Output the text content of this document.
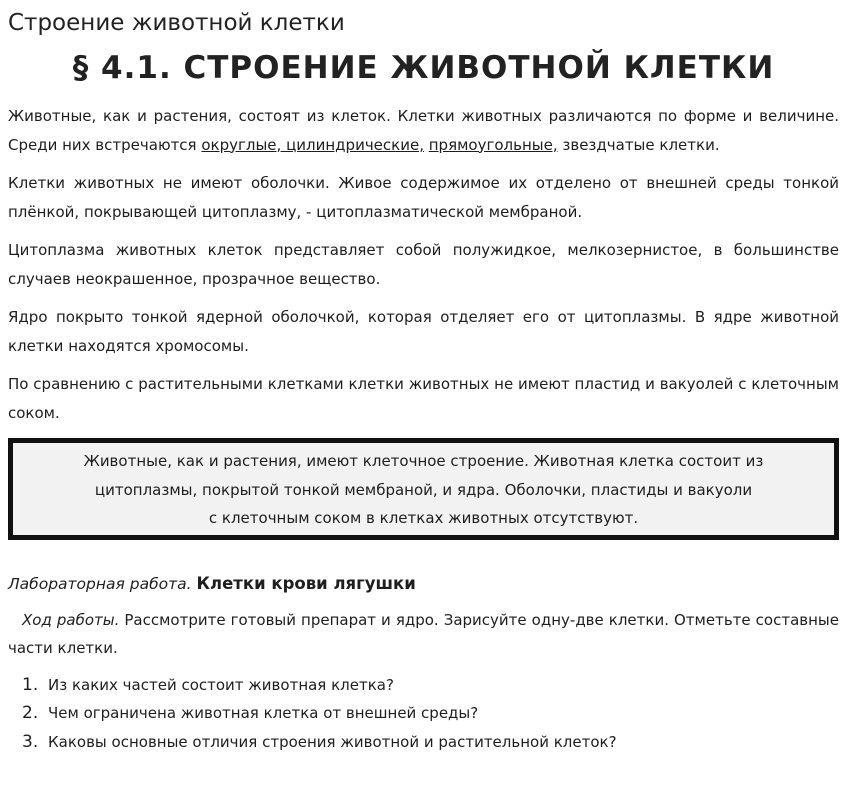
Строение животной клетки
§ 4.1. СТРОЕНИЕ ЖИВОТНОЙ КЛЕТКИ

Животные, как и растения, состоят из клеток. Клетки животных различаются по форме и величине. Среди них встречаются округлые, цилиндрические, прямоугольные, звездчатые клетки.

Клетки животных не имеют оболочки. Живое содержимое их отделено от внешней среды тонкой плёнкой, покрывающей цитоплазму, - цитоплазматической мембраной.

Цитоплазма животных клеток представляет собой полужидкое, мелкозернистое, в большинстве случаев неокрашенное, прозрачное вещество.

Ядро покрыто тонкой ядерной оболочкой, которая отделяет его от цитоплазмы. В ядре животной клетки находятся хромосомы.

По сравнению с растительными клетками клетки животных не имеют пластид и вакуолей с клеточным соком.

Животные, как и растения, имеют клеточное строение. Животная клетка состоит из
цитоплазмы, покрытой тонкой мембраной, и ядра. Оболочки, пластиды и вакуоли
с клеточным соком в клетках животных отсутствуют.
Лабораторная работа. Клетки крови лягушки
Ход работы. Рассмотрите готовый препарат и ядро. Зарисуйте одну-две клетки. Отметьте составные части клетки.
1. Из каких частей состоит животная клетка?
2. Чем ограничена животная клетка от внешней среды?
3. Каковы основные отличия строения животной и растительной клеток?
